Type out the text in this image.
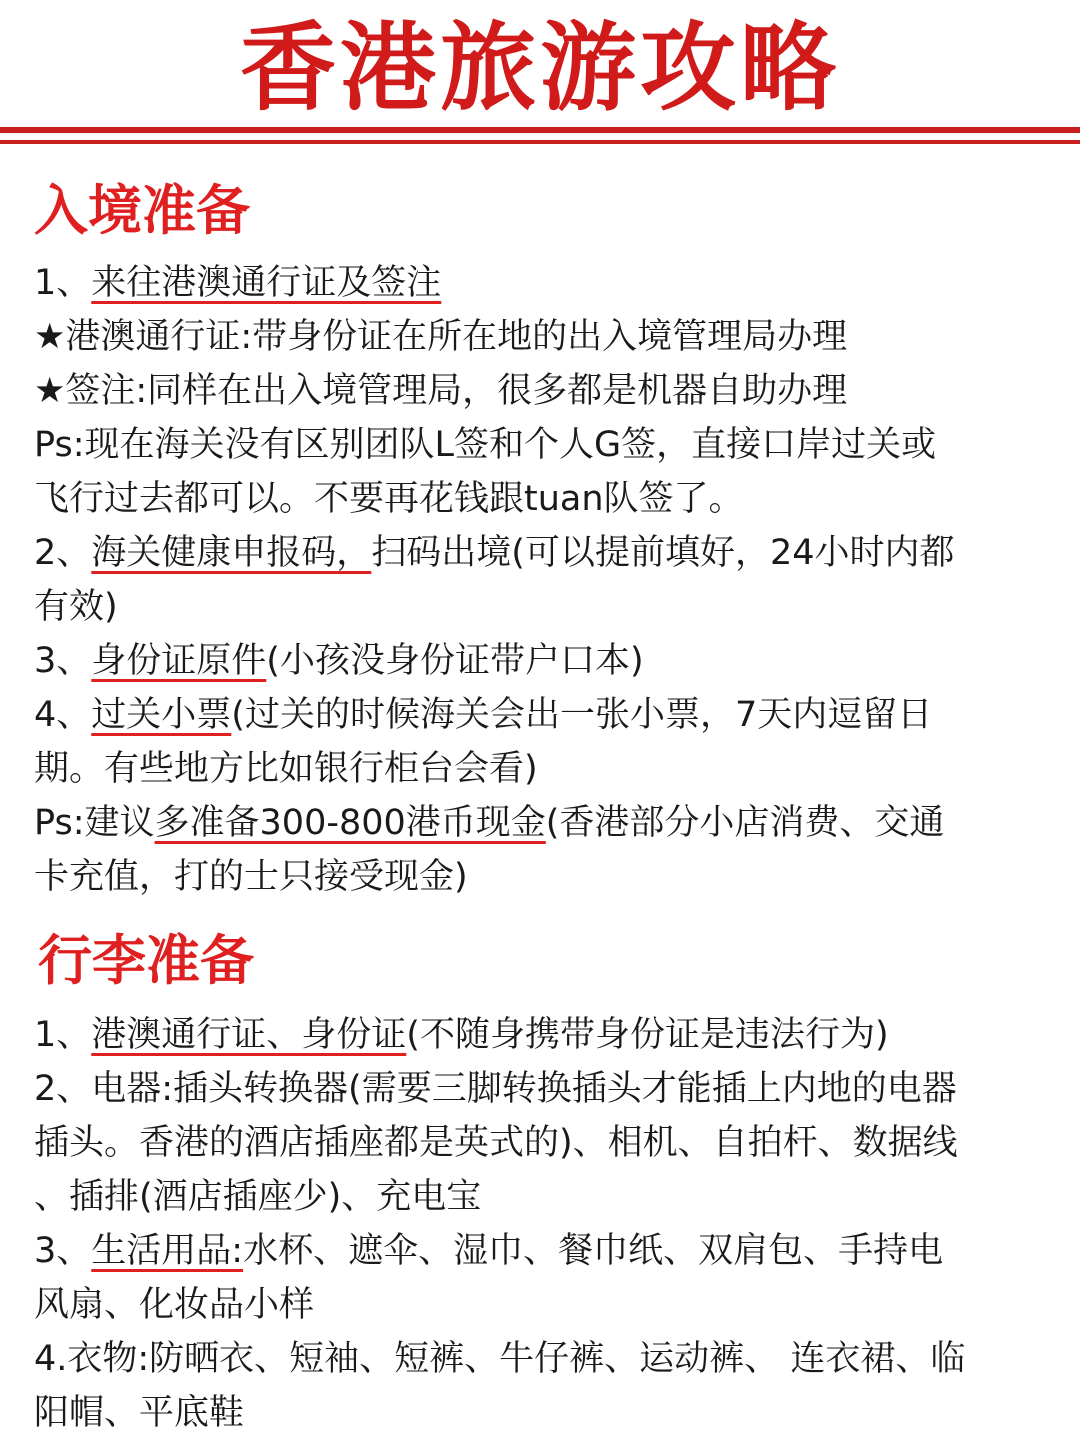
香港旅游攻略
入境准备

1、来往港澳通行证及签注

★港澳通行证:带身份证在所在地的出入境管理局办理

★签注:同样在出入境管理局，很多都是机器自助办理

Ps:现在海关没有区别团队L签和个人G签，直接口岸过关或

飞行过去都可以。不要再花钱跟tuan队签了。

2、海关健康申报码，扫码出境(可以提前填好，24小时内都

有效)

3、身份证原件(小孩没身份证带户口本)

4、过关小票(过关的时候海关会出一张小票，7天内逗留日

期。有些地方比如银行柜台会看)

Ps:建议多准备300-800港币现金(香港部分小店消费、交通

卡充值，打的士只接受现金)

行李准备

1、港澳通行证、身份证(不随身携带身份证是违法行为)

2、电器:插头转换器(需要三脚转换插头才能插上内地的电器

插头。香港的酒店插座都是英式的)、相机、自拍杆、数据线

、插排(酒店插座少)、充电宝

3、生活用品:水杯、遮伞、湿巾、餐巾纸、双肩包、手持电

风扇、化妆品小样

4.衣物:防晒衣、短袖、短裤、牛仔裤、运动裤、 连衣裙、临

阳帽、平底鞋
